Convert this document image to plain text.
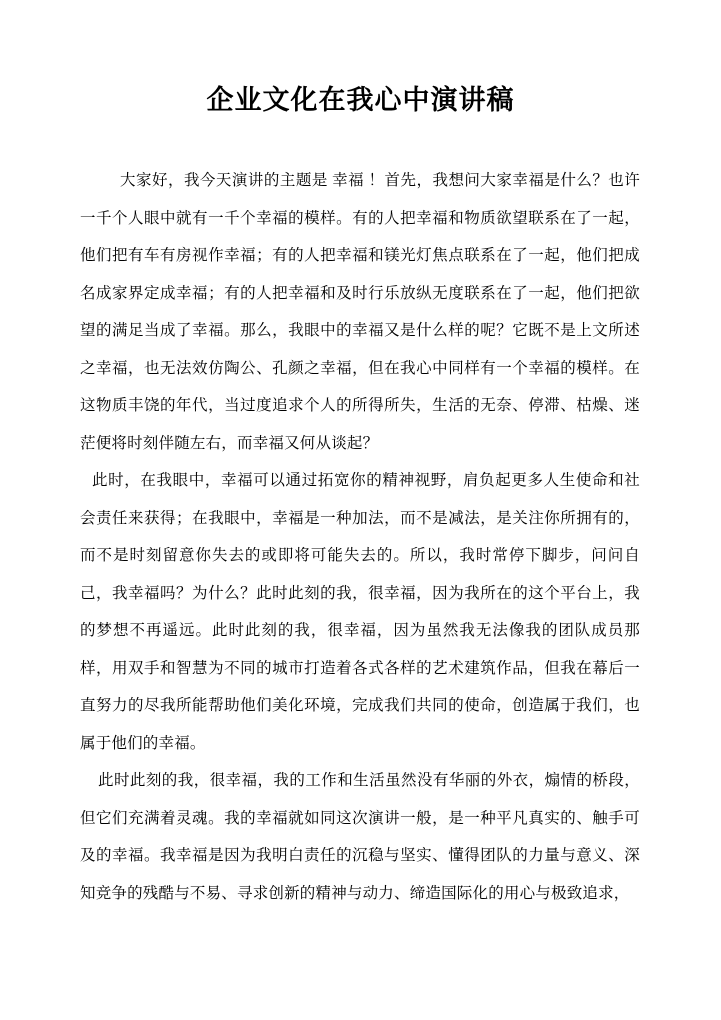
企业文化在我心中演讲稿

大家好，我今天演讲的主题是 幸福 ！首先，我想问大家幸福是什么？也许一千个人眼中就有一千个幸福的模样。有的人把幸福和物质欲望联系在了一起，他们把有车有房视作幸福；有的人把幸福和镁光灯焦点联系在了一起，他们把成名成家界定成幸福；有的人把幸福和及时行乐放纵无度联系在了一起，他们把欲望的满足当成了幸福。那么，我眼中的幸福又是什么样的呢？它既不是上文所述之幸福，也无法效仿陶公、孔颜之幸福，但在我心中同样有一个幸福的模样。在这物质丰饶的年代，当过度追求个人的所得所失，生活的无奈、停滞、枯燥、迷茫便将时刻伴随左右，而幸福又何从谈起？

此时，在我眼中，幸福可以通过拓宽你的精神视野，肩负起更多人生使命和社会责任来获得；在我眼中，幸福是一种加法，而不是减法，是关注你所拥有的，而不是时刻留意你失去的或即将可能失去的。所以，我时常停下脚步，问问自己，我幸福吗？为什么？此时此刻的我，很幸福，因为我所在的这个平台上，我的梦想不再遥远。此时此刻的我，很幸福，因为虽然我无法像我的团队成员那样，用双手和智慧为不同的城市打造着各式各样的艺术建筑作品，但我在幕后一直努力的尽我所能帮助他们美化环境，完成我们共同的使命，创造属于我们，也属于他们的幸福。

此时此刻的我，很幸福，我的工作和生活虽然没有华丽的外衣，煽情的桥段，但它们充满着灵魂。我的幸福就如同这次演讲一般，是一种平凡真实的、触手可及的幸福。我幸福是因为我明白责任的沉稳与坚实、懂得团队的力量与意义、深知竞争的残酷与不易、寻求创新的精神与动力、缔造国际化的用心与极致追求，
